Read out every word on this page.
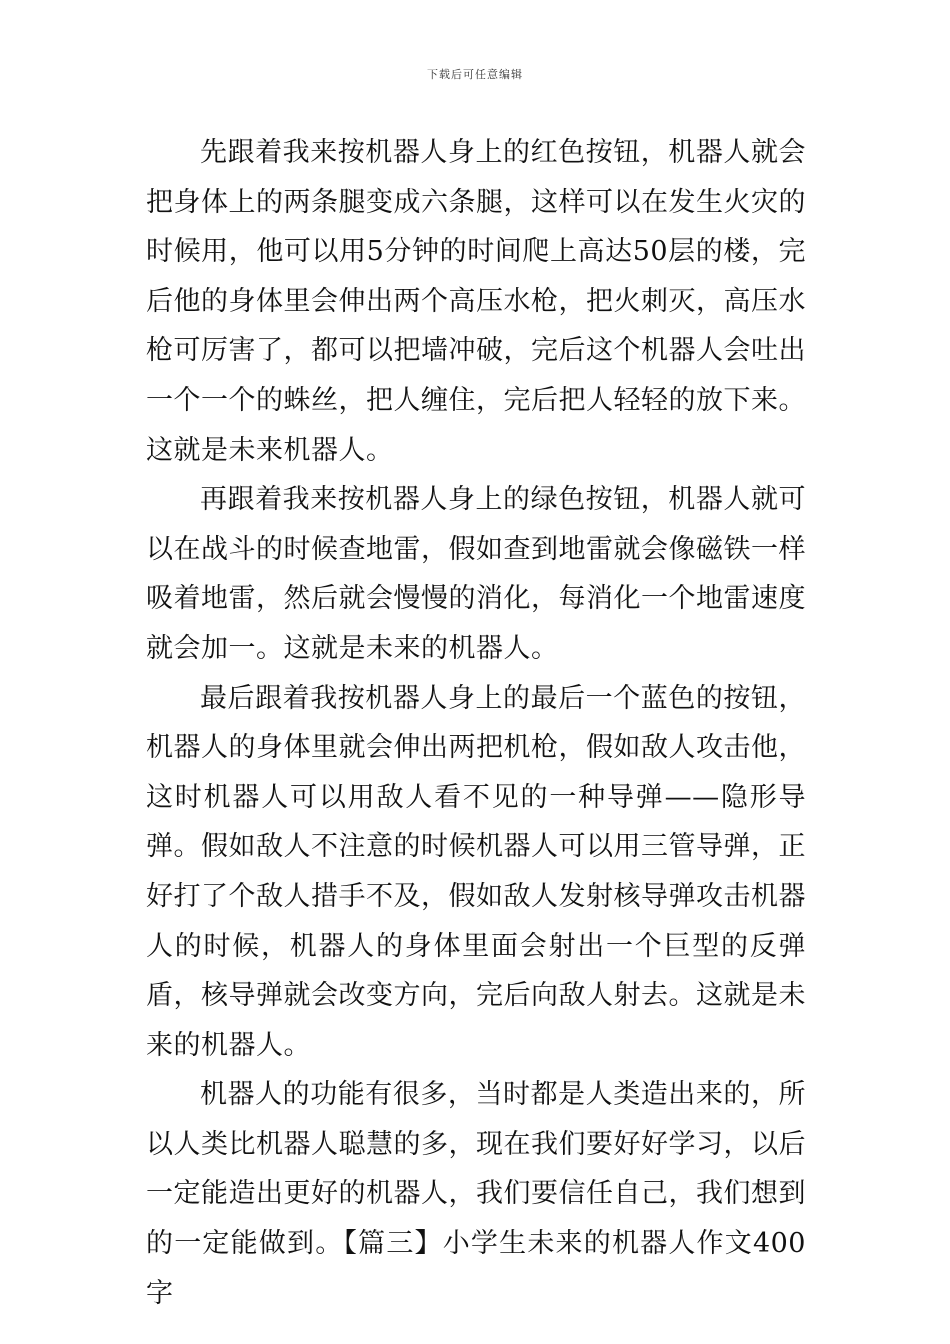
下载后可任意编辑

先跟着我来按机器人身上的红色按钮，机器人就会把身体上的两条腿变成六条腿，这样可以在发生火灾的时候用，他可以用5分钟的时间爬上高达50层的楼，完后他的身体里会伸出两个高压水枪，把火刺灭，高压水枪可厉害了，都可以把墙冲破，完后这个机器人会吐出一个一个的蛛丝，把人缠住，完后把人轻轻的放下来。这就是未来机器人。

再跟着我来按机器人身上的绿色按钮，机器人就可以在战斗的时候查地雷，假如查到地雷就会像磁铁一样吸着地雷，然后就会慢慢的消化，每消化一个地雷速度就会加一。这就是未来的机器人。

最后跟着我按机器人身上的最后一个蓝色的按钮，机器人的身体里就会伸出两把机枪，假如敌人攻击他，这时机器人可以用敌人看不见的一种导弹——隐形导弹。假如敌人不注意的时候机器人可以用三管导弹，正好打了个敌人措手不及，假如敌人发射核导弹攻击机器人的时候，机器人的身体里面会射出一个巨型的反弹盾，核导弹就会改变方向，完后向敌人射去。这就是未来的机器人。

机器人的功能有很多，当时都是人类造出来的，所以人类比机器人聪慧的多，现在我们要好好学习，以后一定能造出更好的机器人，我们要信任自己，我们想到的一定能做到。【篇三】小学生未来的机器人作文400字
